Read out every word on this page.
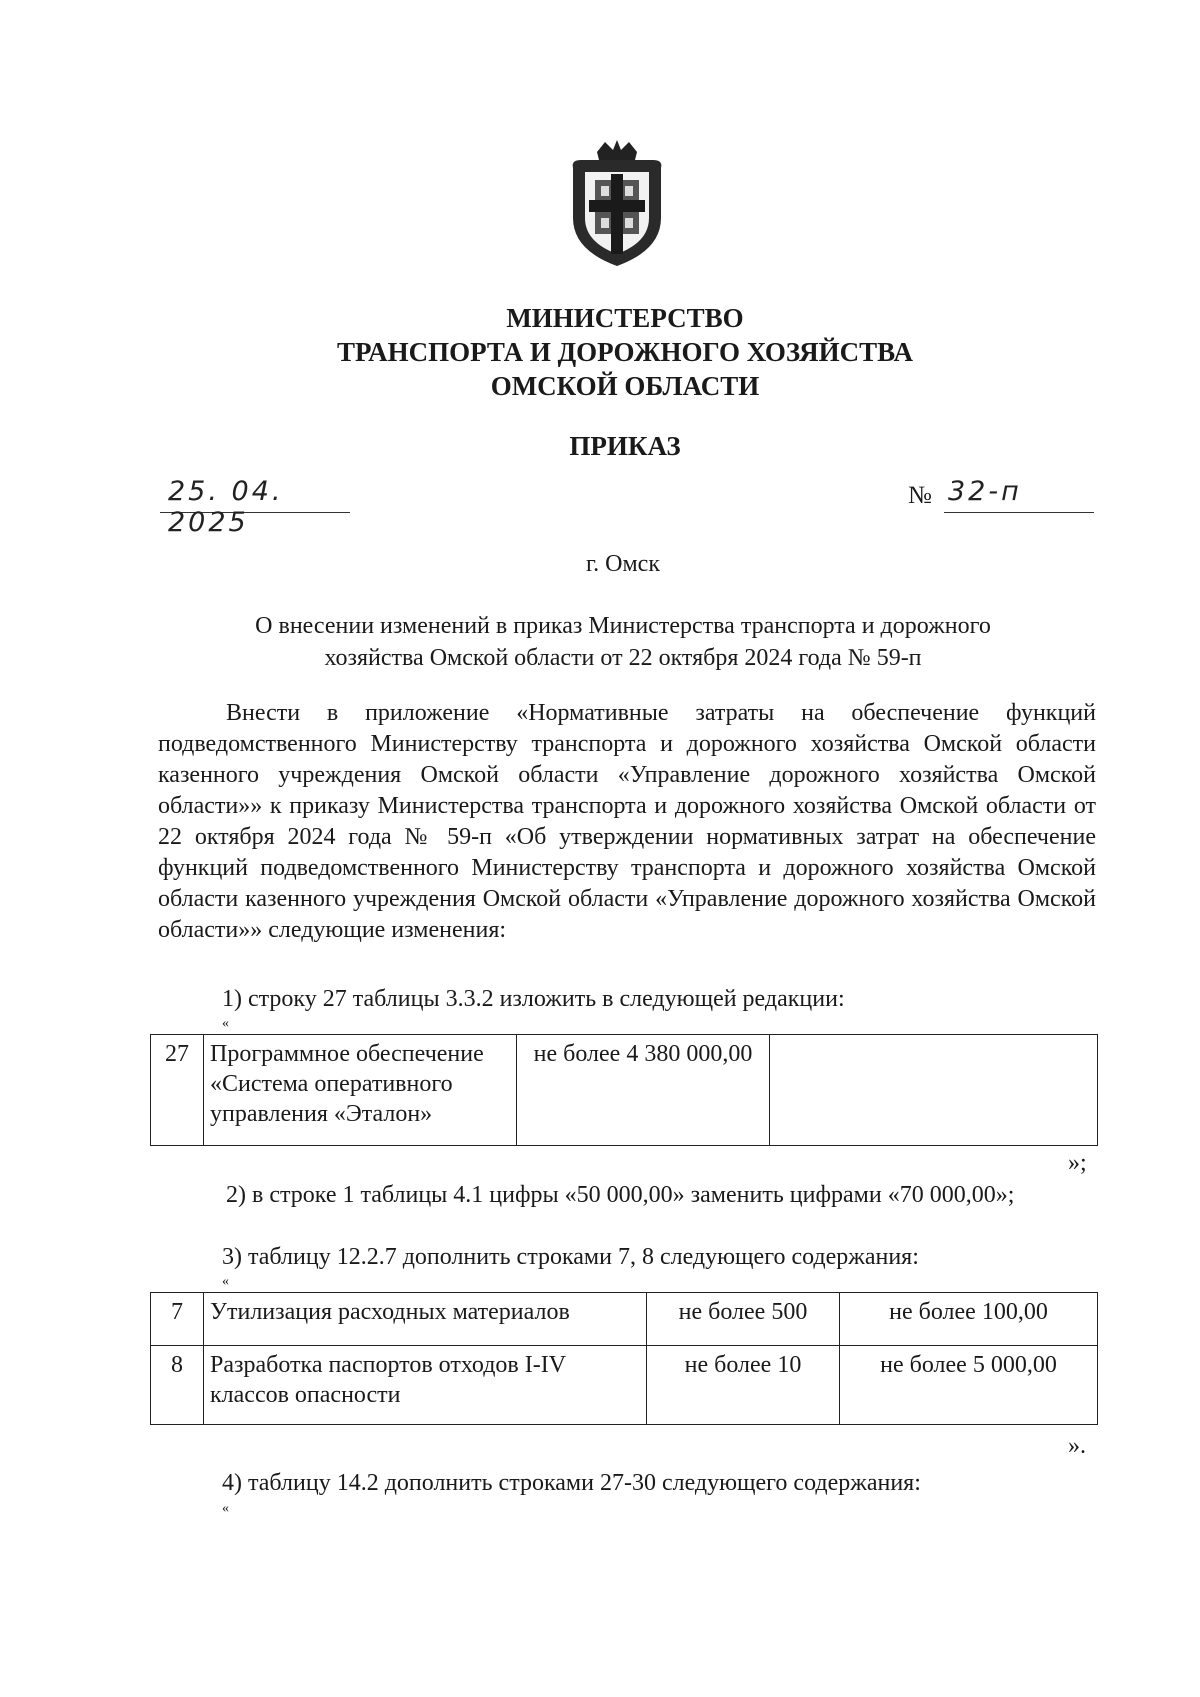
МИНИСТЕРСТВО
ТРАНСПОРТА И ДОРОЖНОГО ХОЗЯЙСТВА
ОМСКОЙ ОБЛАСТИ
ПРИКАЗ
25. 04. 2025
№ 32-п
г. Омск
О внесении изменений в приказ Министерства транспорта и дорожного
хозяйства Омской области от 22 октября 2024 года № 59-п

Внести в приложение «Нормативные затраты на обеспечение функций подведомственного Министерству транспорта и дорожного хозяйства Омской области казенного учреждения Омской области «Управление дорожного хозяйства Омской области»» к приказу Министерства транспорта и дорожного хозяйства Омской области от 22 октября 2024 года № 59-п «Об утверждении нормативных затрат на обеспечение функций подведомственного Министерству транспорта и дорожного хозяйства Омской области казенного учреждения Омской области «Управление дорожного хозяйства Омской области»» следующие изменения:

1) строку 27 таблицы 3.3.2 изложить в следующей редакции:
«
27	Программное обеспечение «Система оперативного управления «Эталон»	не более 4 380 000,00	
»;

2) в строке 1 таблицы 4.1 цифры «50 000,00» заменить цифрами «70 000,00»;

3) таблицу 12.2.7 дополнить строками 7, 8 следующего содержания:
«
7	Утилизация расходных материалов	не более 500	не более 100,00
8	Разработка паспортов отходов I-IV классов опасности	не более 10	не более 5 000,00
».
4) таблицу 14.2 дополнить строками 27-30 следующего содержания:
«
